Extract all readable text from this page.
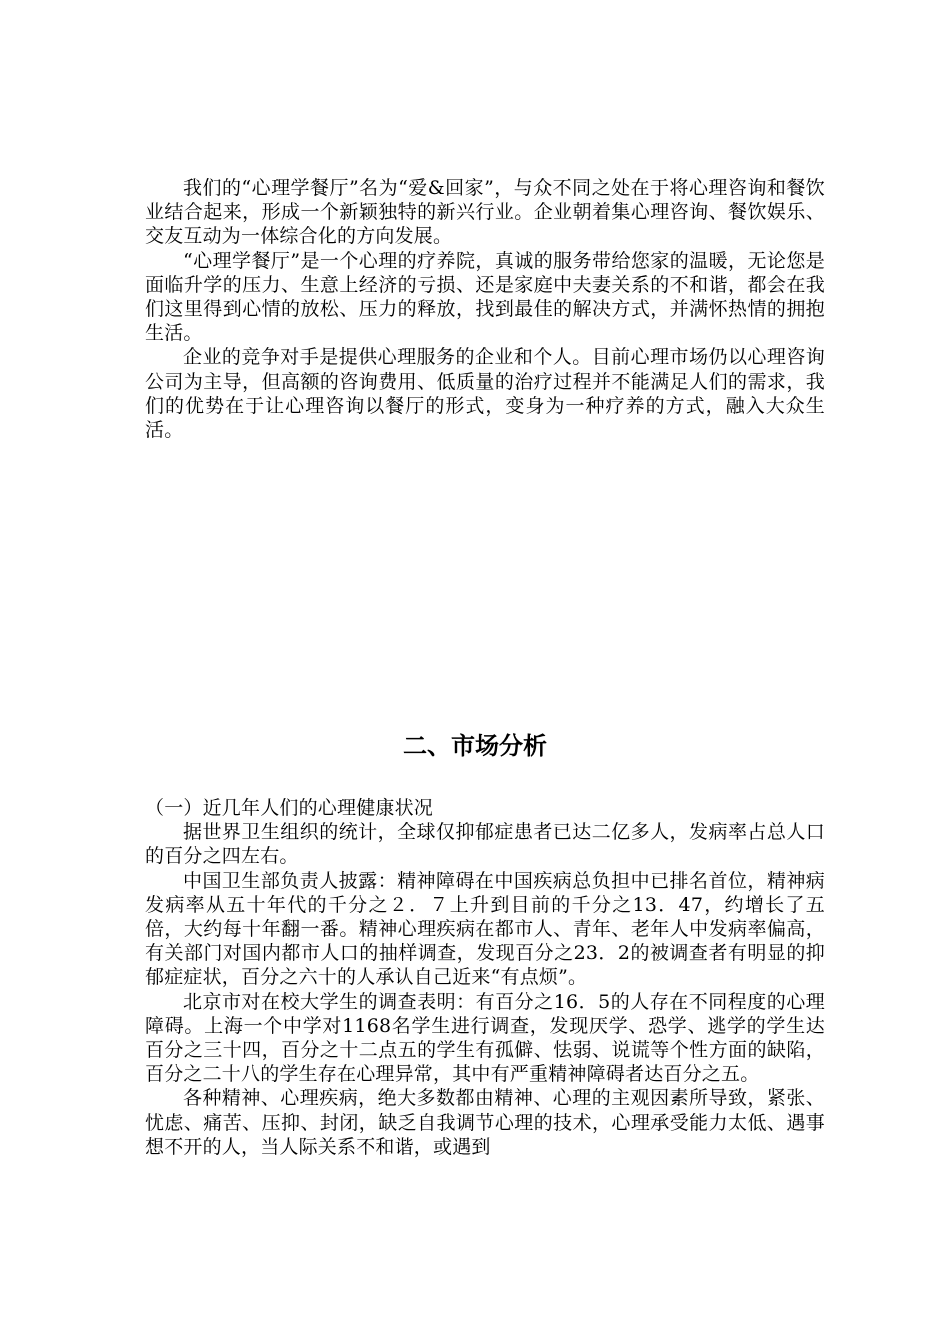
我们的“心理学餐厅”名为“爱&回家”，与众不同之处在于将心理咨询和餐饮业结合起来，形成一个新颖独特的新兴行业。企业朝着集心理咨询、餐饮娱乐、交友互动为一体综合化的方向发展。

“心理学餐厅”是一个心理的疗养院，真诚的服务带给您家的温暖，无论您是面临升学的压力、生意上经济的亏损、还是家庭中夫妻关系的不和谐，都会在我们这里得到心情的放松、压力的释放，找到最佳的解决方式，并满怀热情的拥抱生活。

企业的竞争对手是提供心理服务的企业和个人。目前心理市场仍以心理咨询公司为主导，但高额的咨询费用、低质量的治疗过程并不能满足人们的需求，我们的优势在于让心理咨询以餐厅的形式，变身为一种疗养的方式，融入大众生活。

二、市场分析

（一）近几年人们的心理健康状况

据世界卫生组织的统计，全球仅抑郁症患者已达二亿多人，发病率占总人口的百分之四左右。

中国卫生部负责人披露：精神障碍在中国疾病总负担中已排名首位，精神病发病率从五十年代的千分之２．７上升到目前的千分之13．47，约增长了五倍，大约每十年翻一番。精神心理疾病在都市人、青年、老年人中发病率偏高，有关部门对国内都市人口的抽样调查，发现百分之23．2的被调查者有明显的抑郁症症状，百分之六十的人承认自己近来“有点烦”。

北京市对在校大学生的调查表明：有百分之16．5的人存在不同程度的心理障碍。上海一个中学对1168名学生进行调查，发现厌学、恐学、逃学的学生达百分之三十四，百分之十二点五的学生有孤僻、怯弱、说谎等个性方面的缺陷，百分之二十八的学生存在心理异常，其中有严重精神障碍者达百分之五。

各种精神、心理疾病，绝大多数都由精神、心理的主观因素所导致，紧张、忧虑、痛苦、压抑、封闭，缺乏自我调节心理的技术，心理承受能力太低、遇事想不开的人，当人际关系不和谐，或遇到
